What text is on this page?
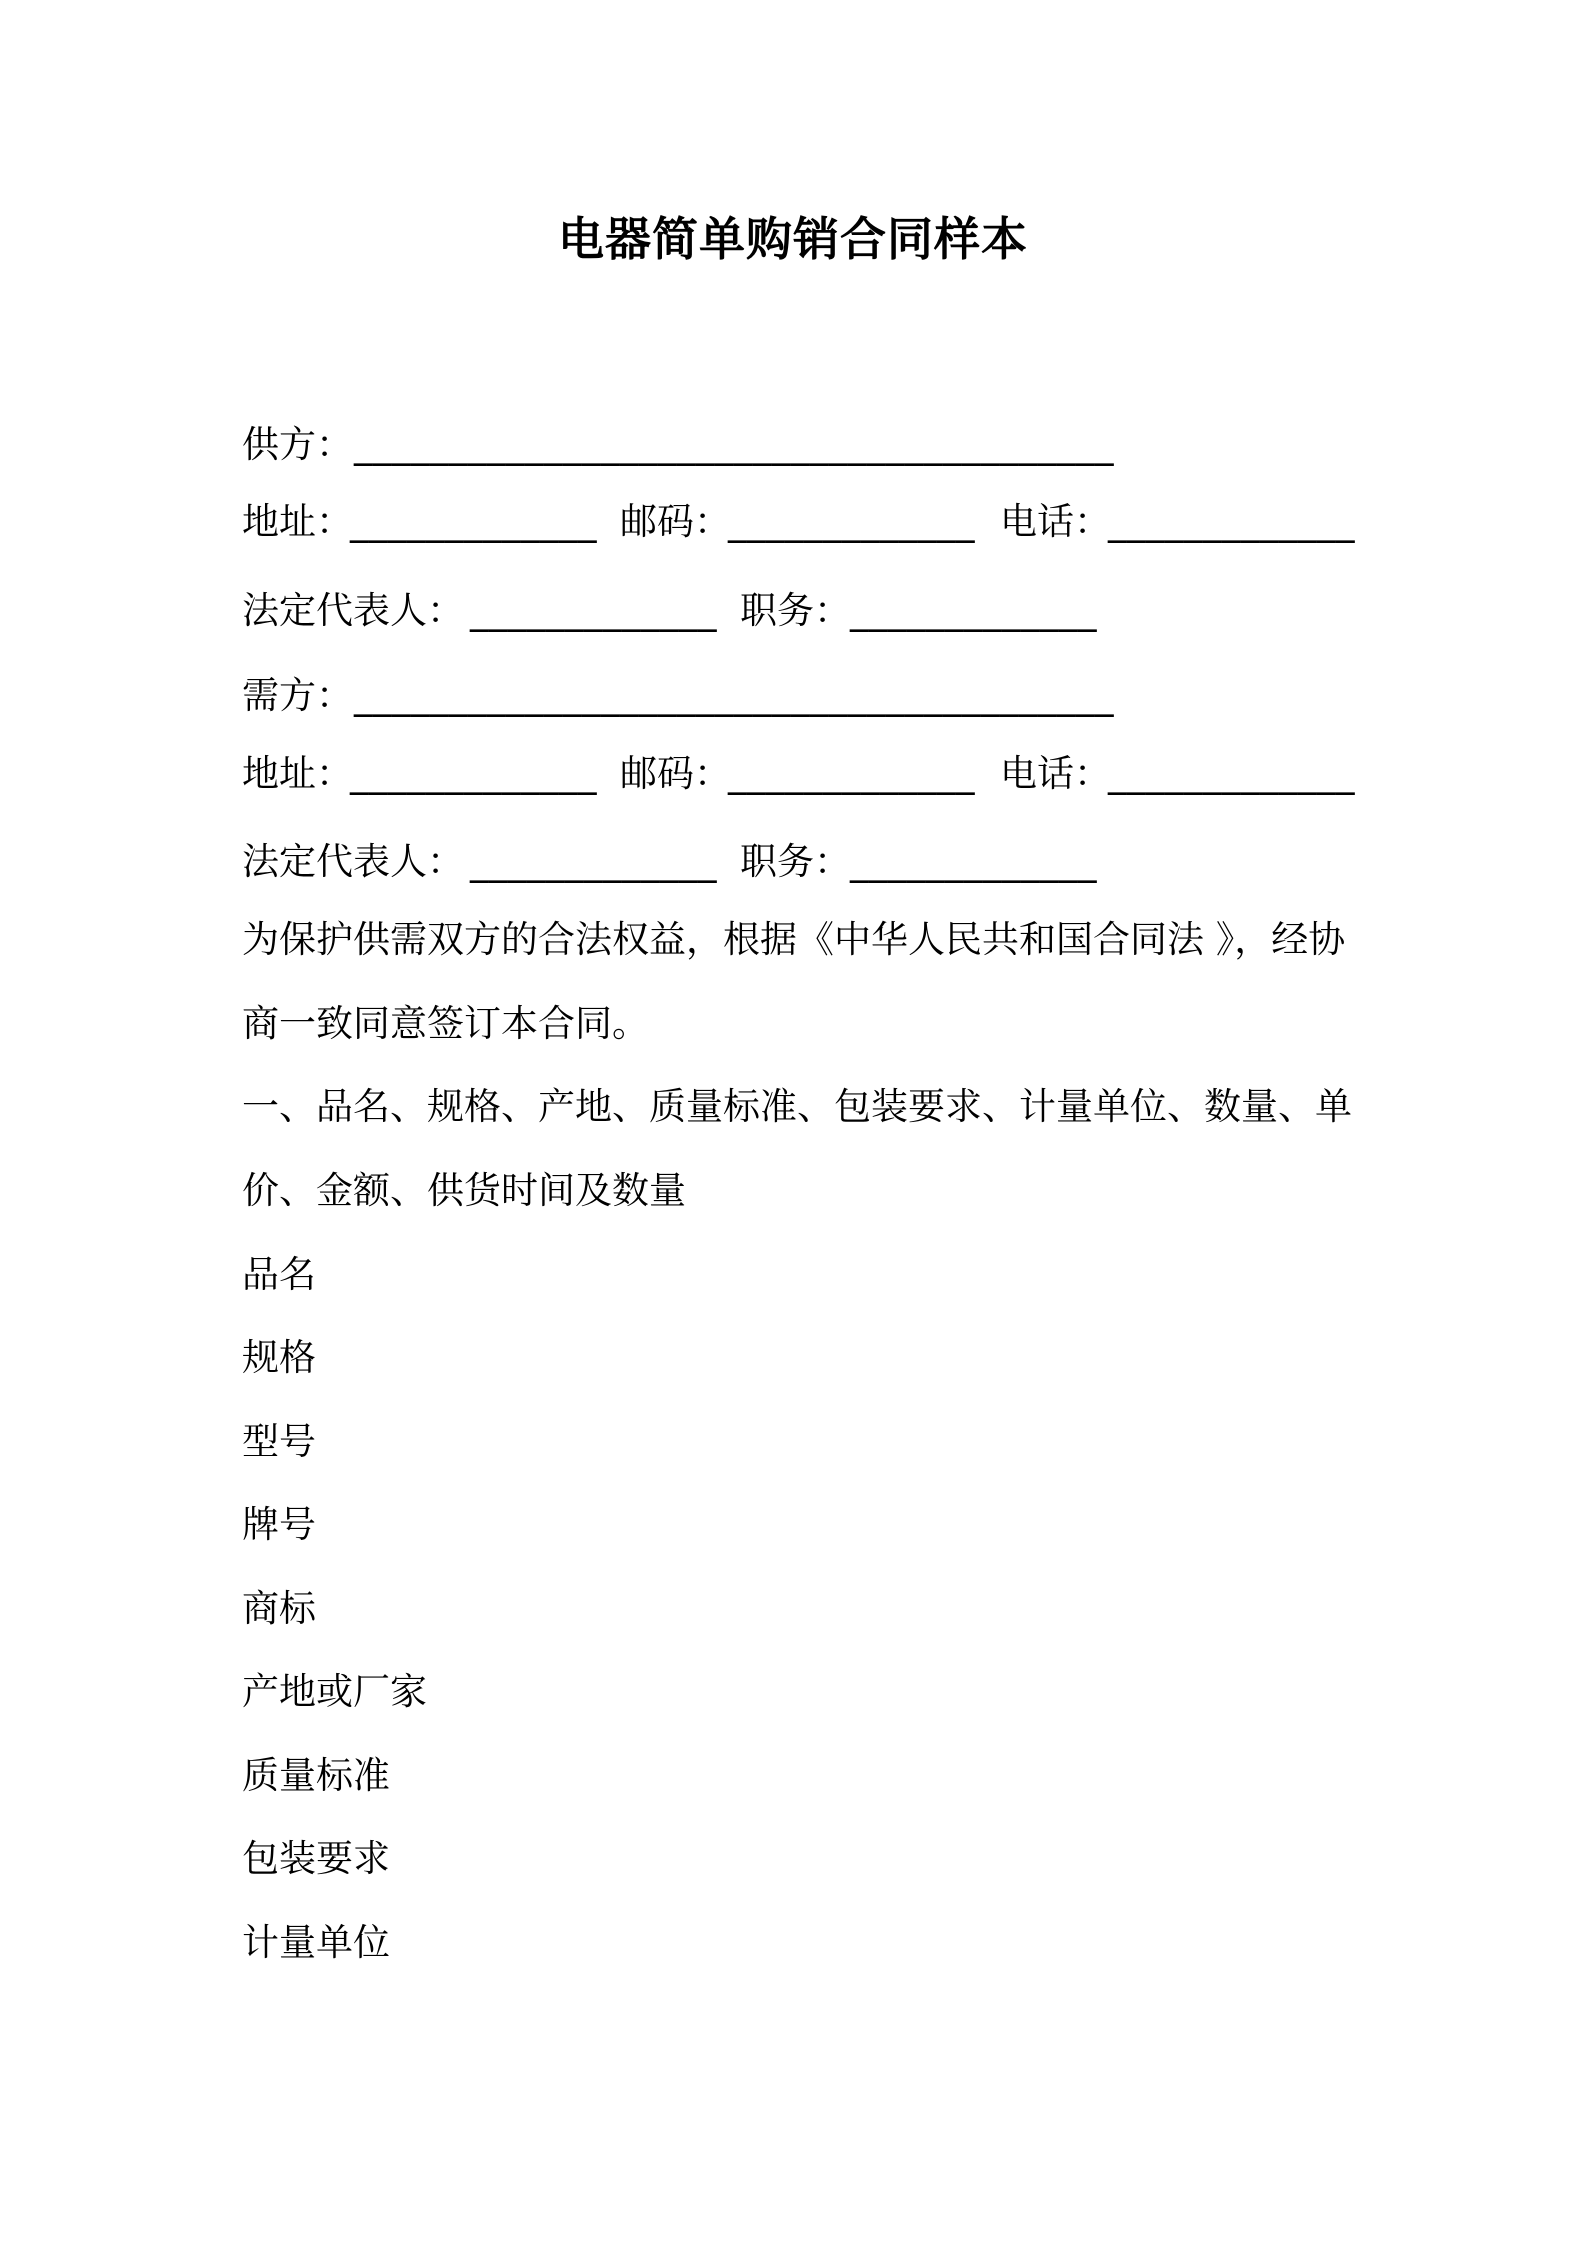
电器简单购销合同样本
供方： ________________________________________
地址：
_____________ 邮码：
_____________ 电话：
_____________
法定代表人： _____________ 职务： _____________
需方： ________________________________________
地址：
_____________ 邮码：
_____________ 电话：
_____________
法定代表人： _____________ 职务： _____________
为保护供需双方的合法权益，根据《中华人民共和国合同法 》，经协
商一致同意签订本合同。
一、品名、规格、产地、质量标准、包装要求、计量单位、数量、单
价、金额、供货时间及数量
品名
规格
型号
牌号
商标
产地或厂家
质量标准
包装要求
计量单位
